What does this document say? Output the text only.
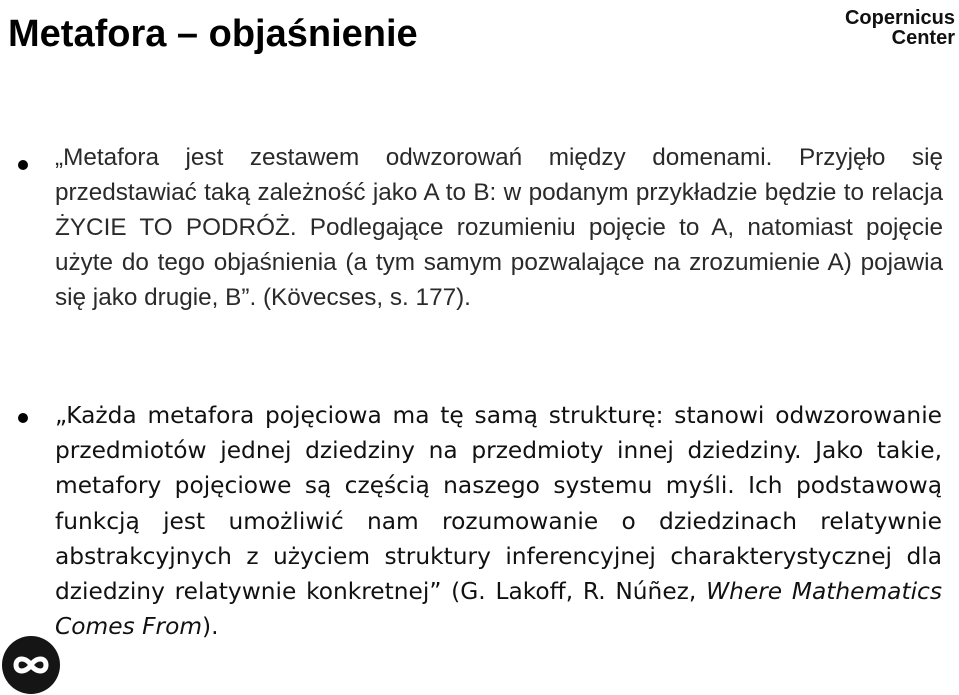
Metafora – objaśnienie	Copernicus
Center
„Metafora jest zestawem odwzorowań między domenami. Przyjęło się przedstawiać taką zależność jako A to B: w podanym przykładzie będzie to relacja ŻYCIE TO PODRÓŻ. Podlegające rozumieniu pojęcie to A, natomiast pojęcie użyte do tego objaśnienia (a tym samym pozwalające na zrozumienie A) pojawia się jako drugie, B”. (Kövecses, s. 177).
„Każda metafora pojęciowa ma tę samą strukturę: stanowi odwzorowanie przedmiotów jednej dziedziny na przedmioty innej dziedziny. Jako takie, metafory pojęciowe są częścią naszego systemu myśli. Ich podstawową funkcją jest umożliwić nam rozumowanie o dziedzinach relatywnie abstrakcyjnych z użyciem struktury inferencyjnej charakterystycznej dla dziedziny relatywnie konkretnej” (G. Lakoff, R. Núñez, Where Mathematics Comes From).
